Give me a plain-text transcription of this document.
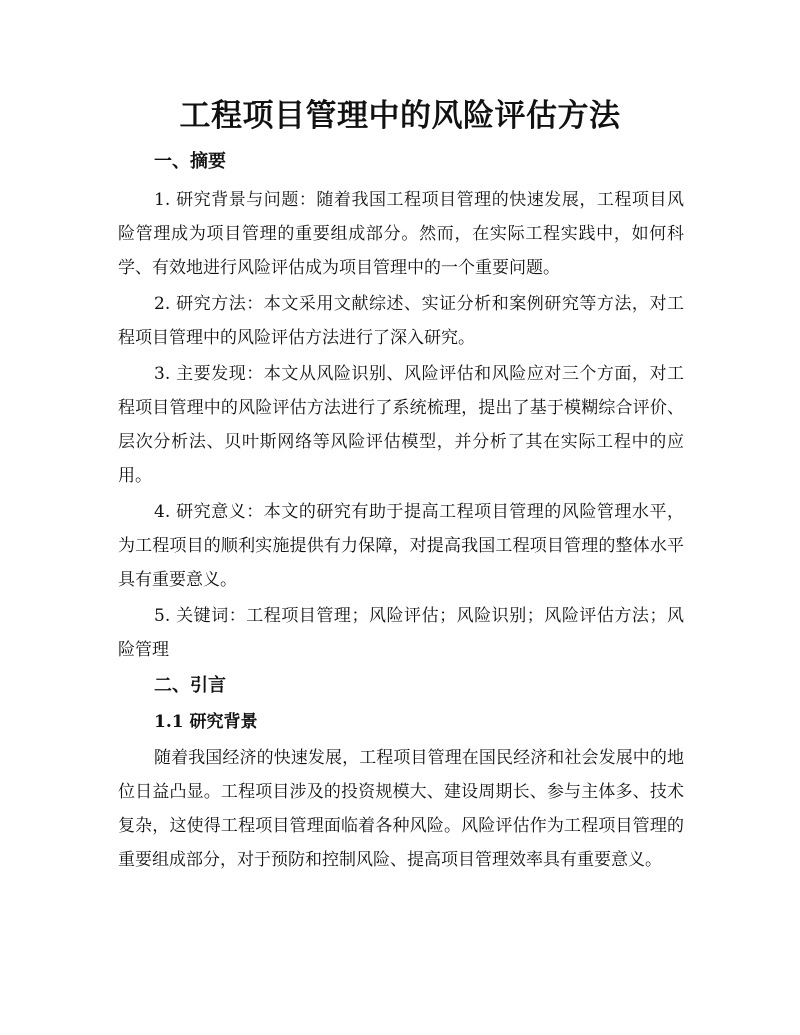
工程项目管理中的风险评估方法
一、摘要

1. 研究背景与问题：随着我国工程项目管理的快速发展，工程项目风险管理成为项目管理的重要组成部分。然而，在实际工程实践中，如何科学、有效地进行风险评估成为项目管理中的一个重要问题。

2. 研究方法：本文采用文献综述、实证分析和案例研究等方法，对工程项目管理中的风险评估方法进行了深入研究。

3. 主要发现：本文从风险识别、风险评估和风险应对三个方面，对工程项目管理中的风险评估方法进行了系统梳理，提出了基于模糊综合评价、层次分析法、贝叶斯网络等风险评估模型，并分析了其在实际工程中的应用。

4. 研究意义：本文的研究有助于提高工程项目管理的风险管理水平，为工程项目的顺利实施提供有力保障，对提高我国工程项目管理的整体水平具有重要意义。

5. 关键词：工程项目管理；风险评估；风险识别；风险评估方法；风险管理

二、引言
1.1 研究背景

随着我国经济的快速发展，工程项目管理在国民经济和社会发展中的地位日益凸显。工程项目涉及的投资规模大、建设周期长、参与主体多、技术复杂，这使得工程项目管理面临着各种风险。风险评估作为工程项目管理的重要组成部分，对于预防和控制风险、提高项目管理效率具有重要意义。
